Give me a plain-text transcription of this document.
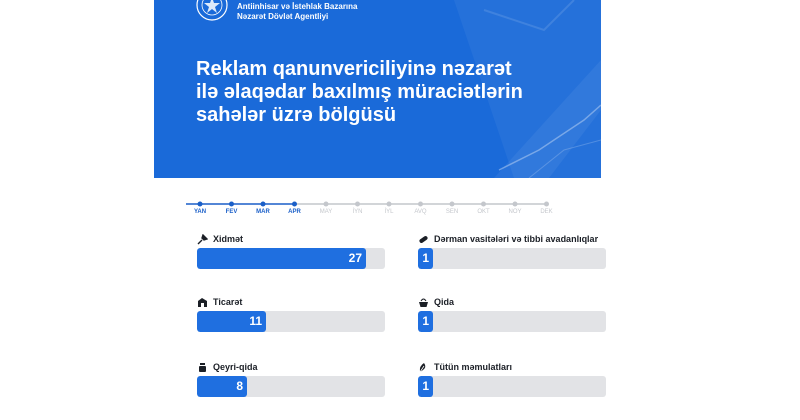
Antiinhisar və İstehlak Bazarına
Nəzarət Dövlət Agentliyi
Reklam qanunvericiliyinə nəzarət ilə əlaqədar baxılmış müraciətlərin sahələr üzrə bölgüsü
YAN	FEV	MAR	APR	MAY	İYN	İYL	AVQ	SEN	OKT	NOY	DEK
Xidmət
27
Ticarət
11
Qeyri-qida
8
Dərman vasitələri və tibbi avadanlıqlar
1
Qida
1
Tütün məmulatları
1
